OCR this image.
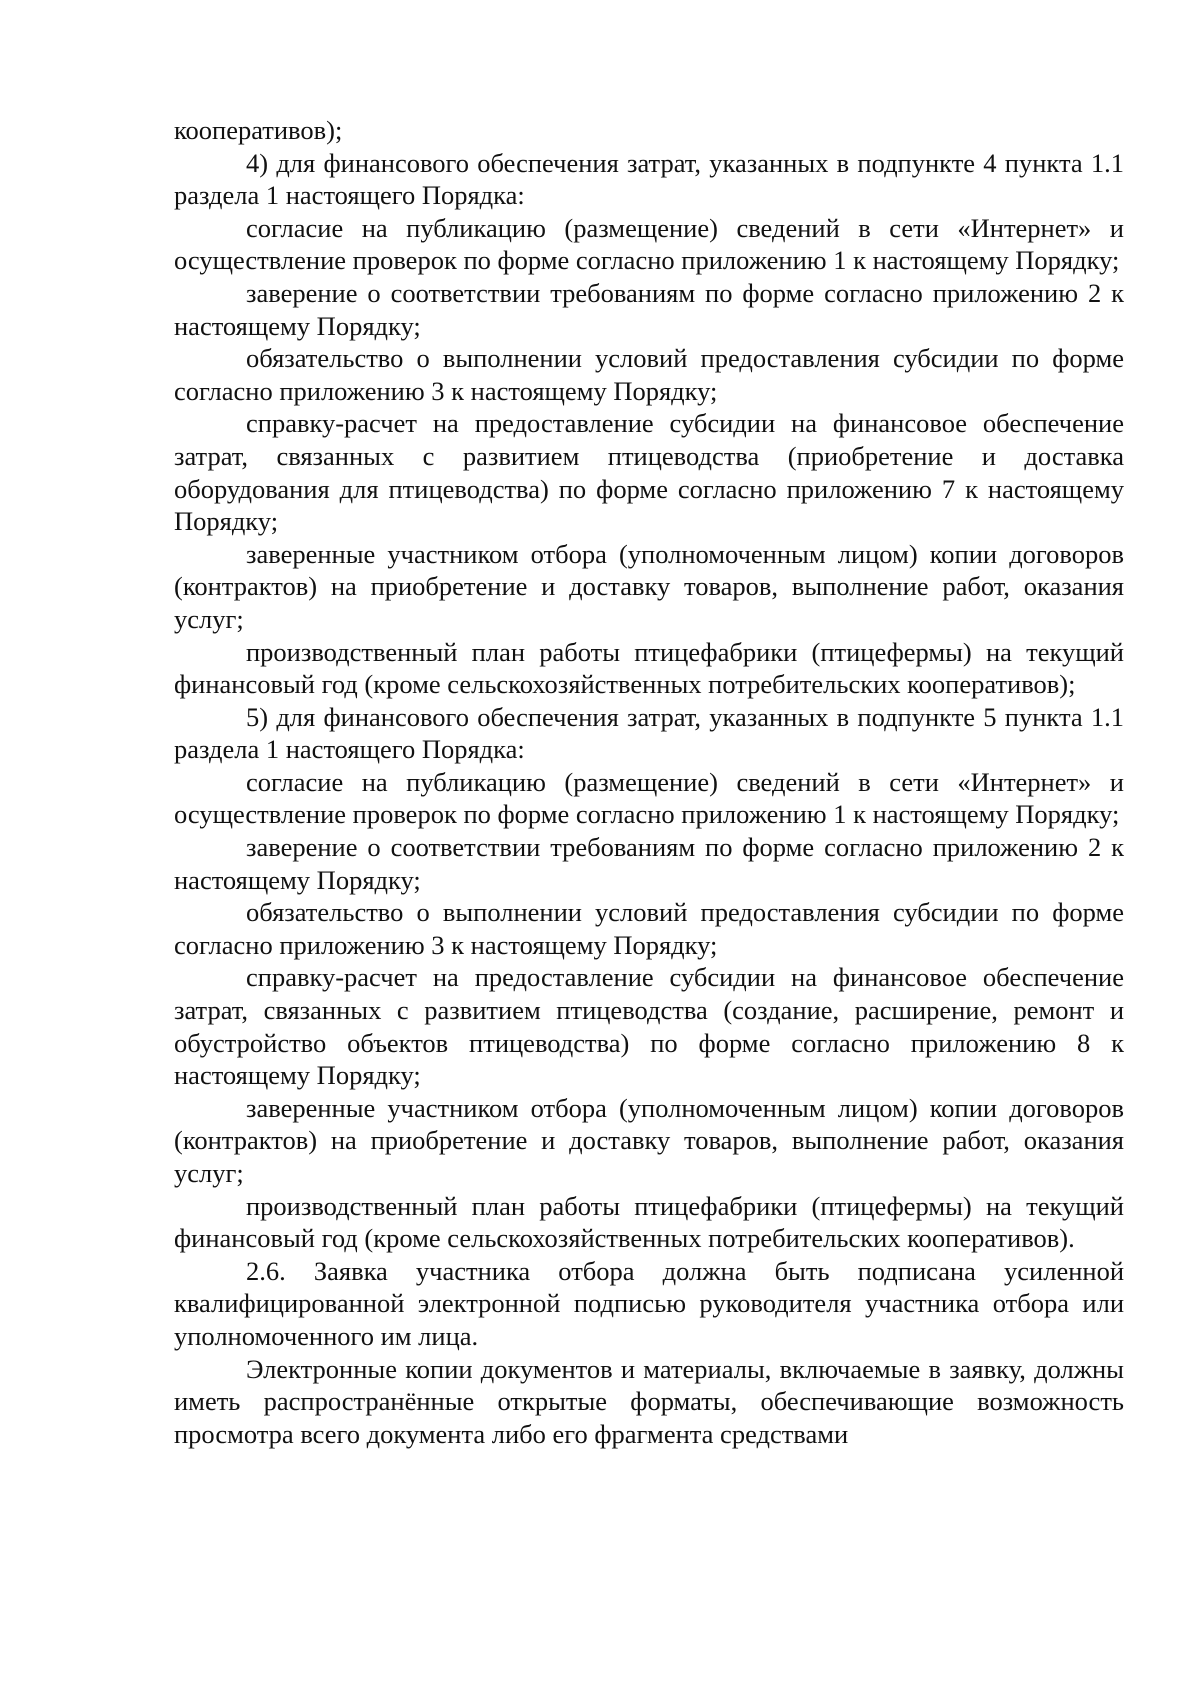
кооперативов);

4) для финансового обеспечения затрат, указанных в подпункте 4 пункта 1.1 раздела 1 настоящего Порядка:

согласие на публикацию (размещение) сведений в сети «Интернет» и осуществление проверок по форме согласно приложению 1 к настоящему Порядку;

заверение о соответствии требованиям по форме согласно приложению 2 к настоящему Порядку;

обязательство о выполнении условий предоставления субсидии по форме согласно приложению 3 к настоящему Порядку;

справку-расчет на предоставление субсидии на финансовое обеспечение затрат, связанных с развитием птицеводства (приобретение и доставка оборудования для птицеводства) по форме согласно приложению 7 к настоящему Порядку;

заверенные участником отбора (уполномоченным лицом) копии договоров (контрактов) на приобретение и доставку товаров, выполнение работ, оказания услуг;

производственный план работы птицефабрики (птицефермы) на текущий финансовый год (кроме сельскохозяйственных потребительских кооперативов);

5) для финансового обеспечения затрат, указанных в подпункте 5 пункта 1.1 раздела 1 настоящего Порядка:

согласие на публикацию (размещение) сведений в сети «Интернет» и осуществление проверок по форме согласно приложению 1 к настоящему Порядку;

заверение о соответствии требованиям по форме согласно приложению 2 к настоящему Порядку;

обязательство о выполнении условий предоставления субсидии по форме согласно приложению 3 к настоящему Порядку;

справку-расчет на предоставление субсидии на финансовое обеспечение затрат, связанных с развитием птицеводства (создание, расширение, ремонт и обустройство объектов птицеводства) по форме согласно приложению 8 к настоящему Порядку;

заверенные участником отбора (уполномоченным лицом) копии договоров (контрактов) на приобретение и доставку товаров, выполнение работ, оказания услуг;

производственный план работы птицефабрики (птицефермы) на текущий финансовый год (кроме сельскохозяйственных потребительских кооперативов).

2.6. Заявка участника отбора должна быть подписана усиленной квалифицированной электронной подписью руководителя участника отбора или уполномоченного им лица.

Электронные копии документов и материалы, включаемые в заявку, должны иметь распространённые открытые форматы, обеспечивающие возможность просмотра всего документа либо его фрагмента средствами
